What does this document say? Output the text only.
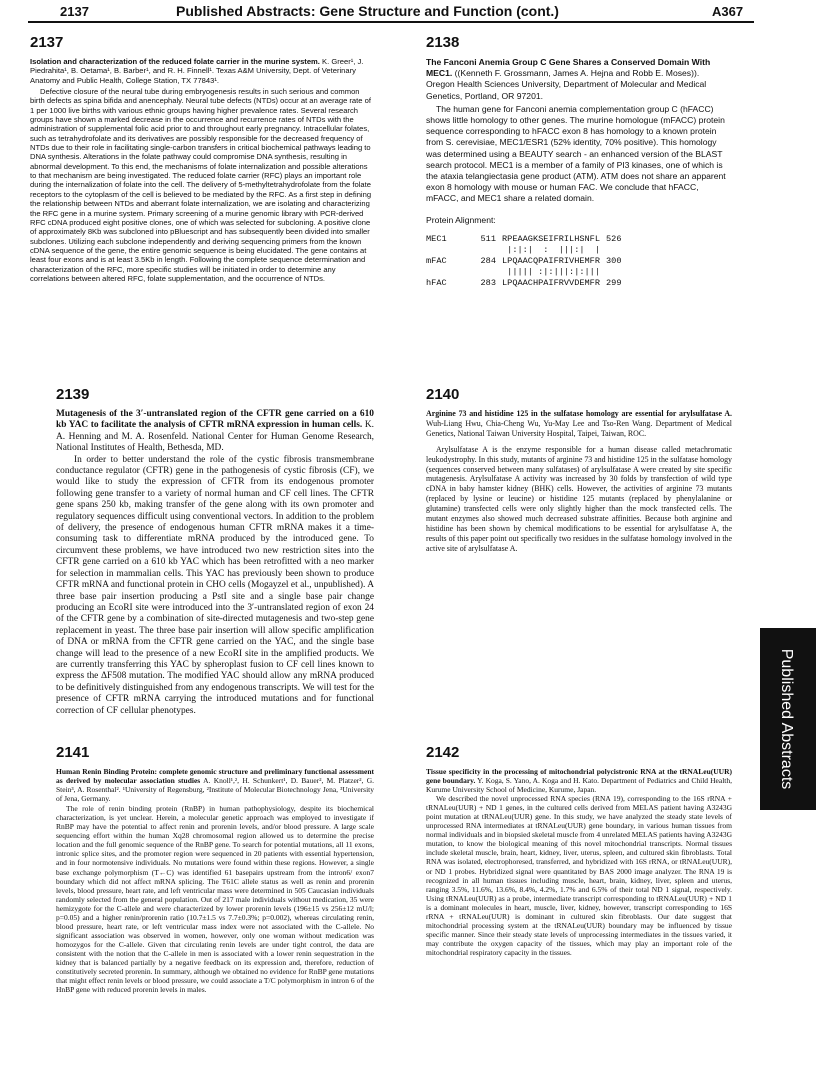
2137	Published Abstracts: Gene Structure and Function (cont.)	A367
2137

Isolation and characterization of the reduced folate carrier in the murine system. K. Greer¹, J. Piedrahita¹, B. Oetama¹, B. Barber¹, and R. H. Finnell¹. Texas A&M University, Dept. of Veterinary Anatomy and Public Health, College Station, TX 77843¹.

Defective closure of the neural tube during embryogenesis results in such serious and common birth defects as spina bifida and anencephaly. Neural tube defects (NTDs) occur at an average rate of 1 per 1000 live births with various ethnic groups having higher prevalence rates. Several research groups have shown a marked decrease in the occurrence and recurrence rates of NTDs with the administration of supplemental folic acid prior to and throughout early pregnancy. Intracellular folates, such as tetrahydrofolate and its derivatives are possibly responsible for the decreased frequency of NTDs due to their role in facilitating single-carbon transfers in critical biochemical pathways leading to DNA synthesis. Alterations in the folate pathway could compromise DNA synthesis, resulting in abnormal development. To this end, the mechanisms of folate internalization and possible alterations to that mechanism are being investigated. The reduced folate carrier (RFC) plays an important role during the internalization of folate into the cell. The delivery of 5-methyltetrahydrofolate from the folate receptors to the cytoplasm of the cell is believed to be mediated by the RFC. As a first step in defining the relationship between NTDs and aberrant folate internalization, we are isolating and characterizing the RFC gene in a murine system. Primary screening of a murine genomic library with PCR-derived RFC cDNA produced eight positive clones, one of which was selected for subcloning. A positive clone of approximately 8Kb was subcloned into pBluescript and has subsequently been divided into smaller subclones. Utilizing each subclone independently and deriving sequencing primers from the known cDNA sequence of the gene, the entire genomic sequence is being elucidated. The gene contains at least four exons and is at least 3.5Kb in length. Following the complete sequence determination and characterization of the RFC, more specific studies will be initiated in order to determine any correlations between altered RFC, folate supplementation, and the occurrence of NTDs.

2138

The Fanconi Anemia Group C Gene Shares a Conserved Domain With MEC1. ((Kenneth F. Grossmann, James A. Hejna and Robb E. Moses)). Oregon Health Sciences University, Department of Molecular and Medical Genetics, Portland, OR 97201.

The human gene for Fanconi anemia complementation group C (hFACC) shows little homology to other genes. The murine homologue (mFACC) protein sequence corresponding to hFACC exon 8 has homology to a known protein from S. cerevisiae, MEC1/ESR1 (52% identity, 70% positive). This homology was determined using a BEAUTY search - an enhanced version of the BLAST search protocol. MEC1 is a member of a family of PI3 kinases, one of which is the ataxia telangiectasia gene product (ATM). ATM does not share an apparent exon 8 homology with mouse or human FAC. We conclude that hFACC, mFACC, and MEC1 share a related domain.

Protein Alignment:

MEC1	511 RPEAAGKSEIFRILHSNFL 526
|:|:|  :  |||:|  |
mFAC	284 LPQAACQPAIFRIVHEMFR 300
||||| :|:|||:|:|||
hFAC	283 LPQAACHPAIFRVVDEMFR 299
2139

Mutagenesis of the 3′-untranslated region of the CFTR gene carried on a 610 kb YAC to facilitate the analysis of CFTR mRNA expression in human cells. K. A. Henning and M. A. Rosenfeld. National Center for Human Genome Research, National Institutes of Health, Bethesda, MD.

In order to better understand the role of the cystic fibrosis transmembrane conductance regulator (CFTR) gene in the pathogenesis of cystic fibrosis (CF), we would like to study the expression of CFTR from its endogenous promoter following gene transfer to a variety of normal human and CF cell lines. The CFTR gene spans 250 kb, making transfer of the gene along with its own promoter and regulatory sequences difficult using conventional vectors. In addition to the problem of delivery, the presence of endogenous human CFTR mRNA makes it a time-consuming task to differentiate mRNA produced by the introduced gene. To circumvent these problems, we have introduced two new restriction sites into the CFTR gene carried on a 610 kb YAC which has been retrofitted with a neo marker for selection in mammalian cells. This YAC has previously been shown to produce CFTR mRNA and functional protein in CHO cells (Mogayzel et al., unpublished). A three base pair insertion producing a PstI site and a single base pair change producing an EcoRI site were introduced into the 3′-untranslated region of exon 24 of the CFTR gene by a combination of site-directed mutagenesis and two-step gene replacement in yeast. The three base pair insertion will allow specific amplification of DNA or mRNA from the CFTR gene carried on the YAC, and the single base change will lead to the presence of a new EcoRI site in the amplified products. We are currently transferring this YAC by spheroplast fusion to CF cell lines known to express the ΔF508 mutation. The modified YAC should allow any mRNA produced to be definitively distinguished from any endogenous transcripts. We will test for the presence of CFTR mRNA carrying the introduced mutations and for functional correction of CF cellular phenotypes.

2140

Arginine 73 and histidine 125 in the sulfatase homology are essential for arylsulfatase A. Wuh-Liang Hwu, Chia-Cheng Wu, Yu-May Lee and Tso-Ren Wang. Department of Medical Genetics, National Taiwan University Hospital, Taipei, Taiwan, ROC.

Arylsulfatase A is the enzyme responsible for a human disease called metachromatic leukodystrophy. In this study, mutants of arginine 73 and histidine 125 in the sulfatase homology (sequences conserved between many sulfatases) of arylsulfatase A were created by site specific mutagenesis. Arylsulfatase A activity was increased by 30 folds by transfection of wild type cDNA in baby hamster kidney (BHK) cells. However, the activities of arginine 73 mutants (replaced by lysine or leucine) or histidine 125 mutants (replaced by phenylalanine or glutamine) transfected cells were only slightly higher than the mock transfected cells. The mutant enzymes also showed much decreased substrate affinities. Because both arginine and histidine has been shown by chemical modifications to be essential for arylsulfatase A, the results of this paper point out specifically two residues in the sulfatase homology involved in the active site of arylsulfatase A.

2141

Human Renin Binding Protein: complete genomic structure and preliminary functional assessment as derived by molecular association studies A. Knoll¹,², H. Schunkert¹, D. Bauer², M. Platzer², G. Stein³, A. Rosenthal². ¹University of Regensburg, ²Institute of Molecular Biotechnology Jena, ³University of Jena, Germany.

The role of renin binding protein (RnBP) in human pathophysiology, despite its biochemical characterization, is yet unclear. Herein, a molecular genetic approach was employed to investigate if RnBP may have the potential to affect renin and prorenin levels, and/or blood pressure. A large scale sequencing effort within the human Xq28 chromosomal region allowed us to determine the precise location and the full genomic sequence of the RnBP gene. To search for potential mutations, all 11 exons, intronic splice sites, and the promoter region were sequenced in 20 patients with essential hypertension, and in four normotensive individuals. No mutations were found within these regions. However, a single base exchange polymorphism (T←C) was identified 61 basepairs upstream from the intron6/ exon7 boundary which did not affect mRNA splicing. The T61C allele status as well as renin and prorenin levels, blood pressure, heart rate, and left ventricular mass were determined in 505 Caucasian individuals randomly selected from the general population. Out of 217 male individuals without medication, 35 were hemizygote for the C-allele and were characterized by lower prorenin levels (196±15 vs 256±12 mU/l; p=0.05) and a higher renin/prorenin ratio (10.7±1.5 vs 7.7±0.3%; p=0.002), whereas circulating renin, blood pressure, heart rate, or left ventricular mass index were not associated with the C-allele. No significant association was observed in women, however, only one woman without medication was homozygos for the C-allele. Given that circulating renin levels are under tight control, the data are consistent with the notion that the C-allele in men is associated with a lower renin sequestration in the kidney that is balanced partially by a negative feedback on its expression and, therefore, reduction of constitutively secreted prorenin. In summary, although we obtained no evidence for RnBP gene mutations that might effect renin levels or blood pressure, we could associate a T/C polymorphism in intron 6 of the HnBP gene with reduced prorenin levels in males.

2142

Tissue specificity in the processing of mitochondrial polycistronic RNA at the tRNALeu(UUR) gene boundary. Y. Koga, S. Yano, A. Koga and H. Kato. Department of Pediatrics and Child Health, Kurume University School of Medicine, Kurume, Japan.

We described the novel unprocessed RNA species (RNA 19), corresponding to the 16S rRNA + tRNALeu(UUR) + ND 1 genes, in the cultured cells derived from MELAS patient having A3243G point mutation at tRNALeu(UUR) gene. In this study, we have analyzed the steady state levels of unprocessed RNA intermediates at tRNALeu(UUR) gene boundary, in various human tissues from normal individuals and in biopsied skeletal muscle from 4 unrelated MELAS patients having A3243G mutation, to know the biological meaning of this novel mitochondrial transcripts. Normal tissues include skeletal muscle, brain, heart, kidney, liver, uterus, spleen, and cultured skin fibroblasts. Total RNA was isolated, electrophoresed, transferred, and hybridized with 16S rRNA, or tRNALeu(UUR), or ND 1 probes. Hybridized signal were quantitated by BAS 2000 image analyzer. The RNA 19 is recognized in all human tissues including muscle, heart, brain, kidney, liver, spleen and uterus, ranging 3.5%, 11.6%, 13.6%, 8.4%, 4.2%, 1.7% and 6.5% of their total ND 1 signal, respectively. Using tRNALeu(UUR) as a probe, intermediate transcript corresponding to tRNALeu(UUR) + ND 1 is a dominant molecules in heart, muscle, liver, kidney, however, transcript corresponding to 16S rRNA + tRNALeu(UUR) is dominant in cultured skin fibroblasts. Our date suggest that mitochondrial processing system at the tRNALeu(UUR) boundary may be influenced by tissue specific manner. Since their steady state levels of unprocessing intermediates in the tissues varied, it may contribute the oxygen capacity of the tissues, which may play an important role of the mitochondrial respiratory capacity in the tissues.

Published Abstracts
